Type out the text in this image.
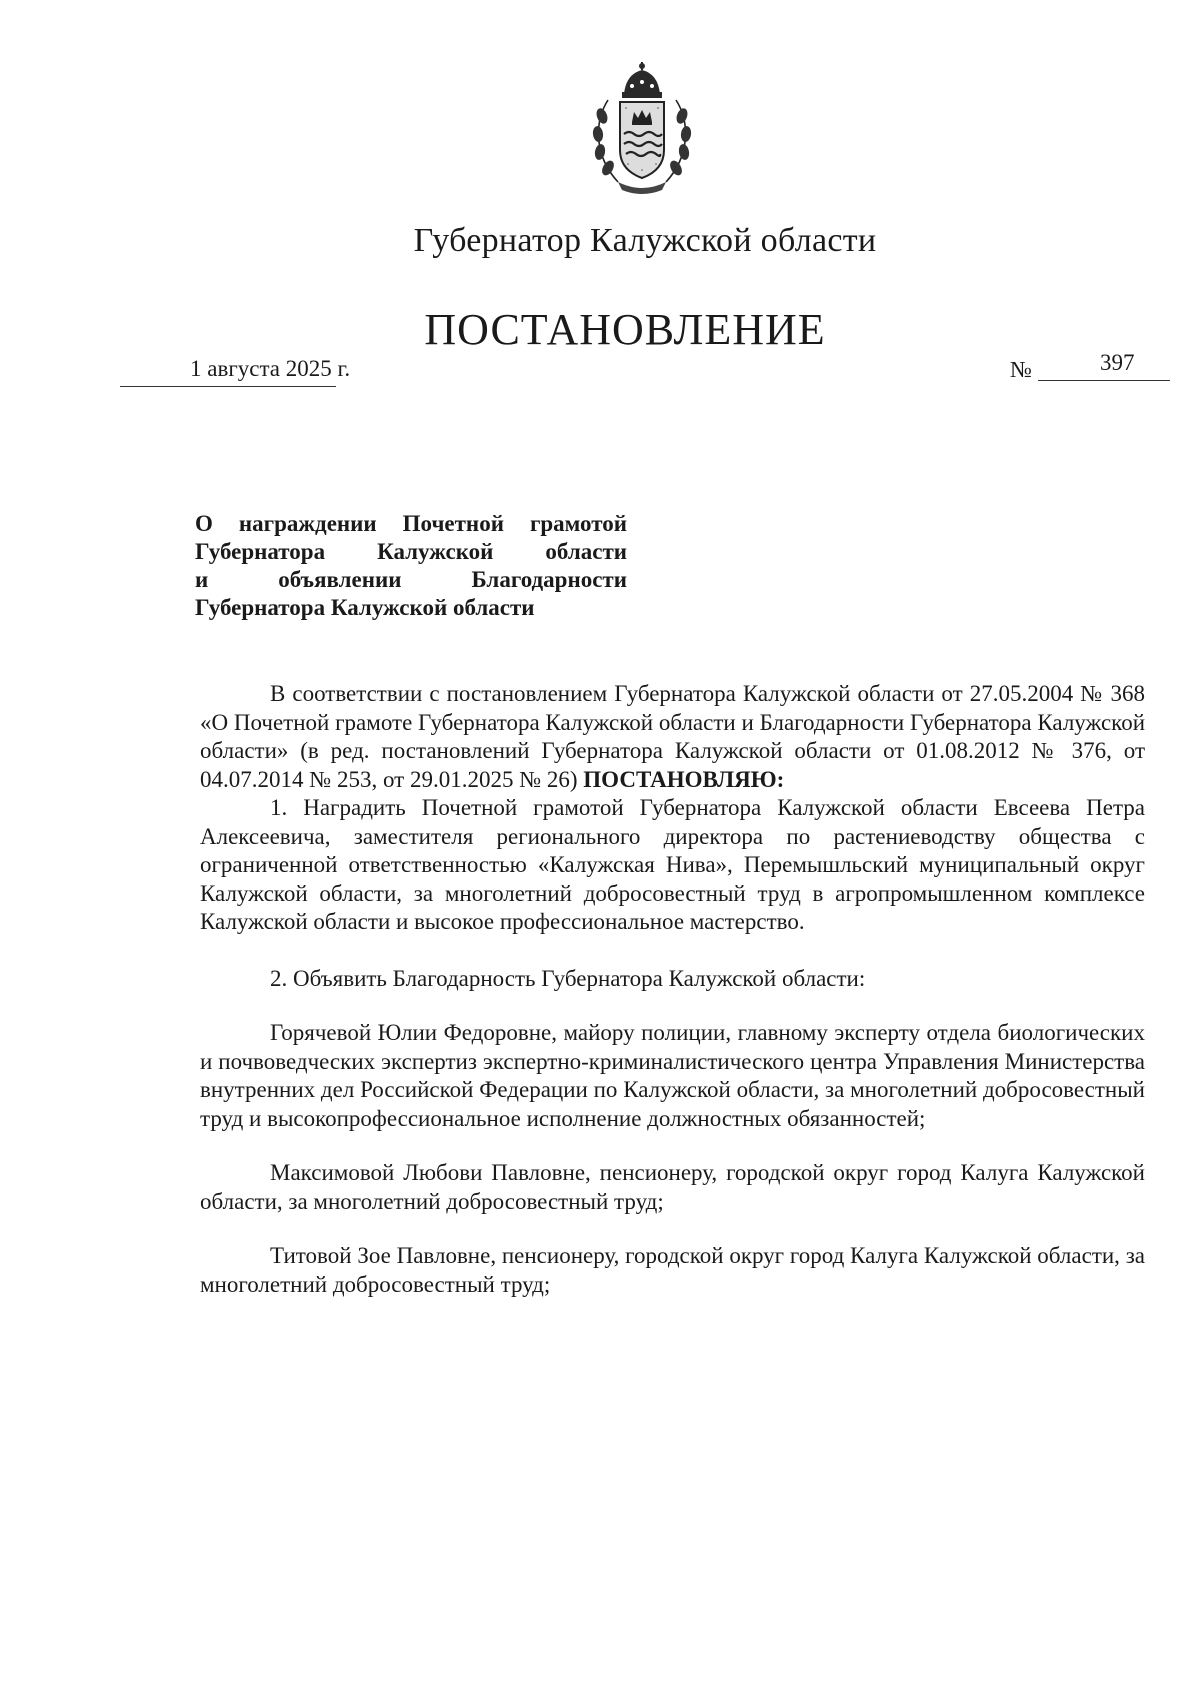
Губернатор Калужской области
ПОСТАНОВЛЕНИЕ
1 августа 2025 г.	№	397
О награждении Почетной грамотой
Губернатора Калужской области
и объявлении Благодарности
Губернатора Калужской области

В соответствии с постановлением Губернатора Калужской области от 27.05.2004 № 368 «О Почетной грамоте Губернатора Калужской области и Благодарности Губернатора Калужской области» (в ред. постановлений Губернатора Калужской области от 01.08.2012 № 376, от 04.07.2014 № 253, от 29.01.2025 № 26) ПОСТАНОВЛЯЮ:

1. Наградить Почетной грамотой Губернатора Калужской области Евсеева Петра Алексеевича, заместителя регионального директора по растениеводству общества с ограниченной ответственностью «Калужская Нива», Перемышльский муниципальный округ Калужской области, за многолетний добросовестный труд в агропромышленном комплексе Калужской области и высокое профессиональное мастерство.

2. Объявить Благодарность Губернатора Калужской области:

Горячевой Юлии Федоровне, майору полиции, главному эксперту отдела биологических и почвоведческих экспертиз экспертно-криминалистического центра Управления Министерства внутренних дел Российской Федерации по Калужской области, за многолетний добросовестный труд и высокопрофессиональное исполнение должностных обязанностей;

Максимовой Любови Павловне, пенсионеру, городской округ город Калуга Калужской области, за многолетний добросовестный труд;

Титовой Зое Павловне, пенсионеру, городской округ город Калуга Калужской области, за многолетний добросовестный труд;
